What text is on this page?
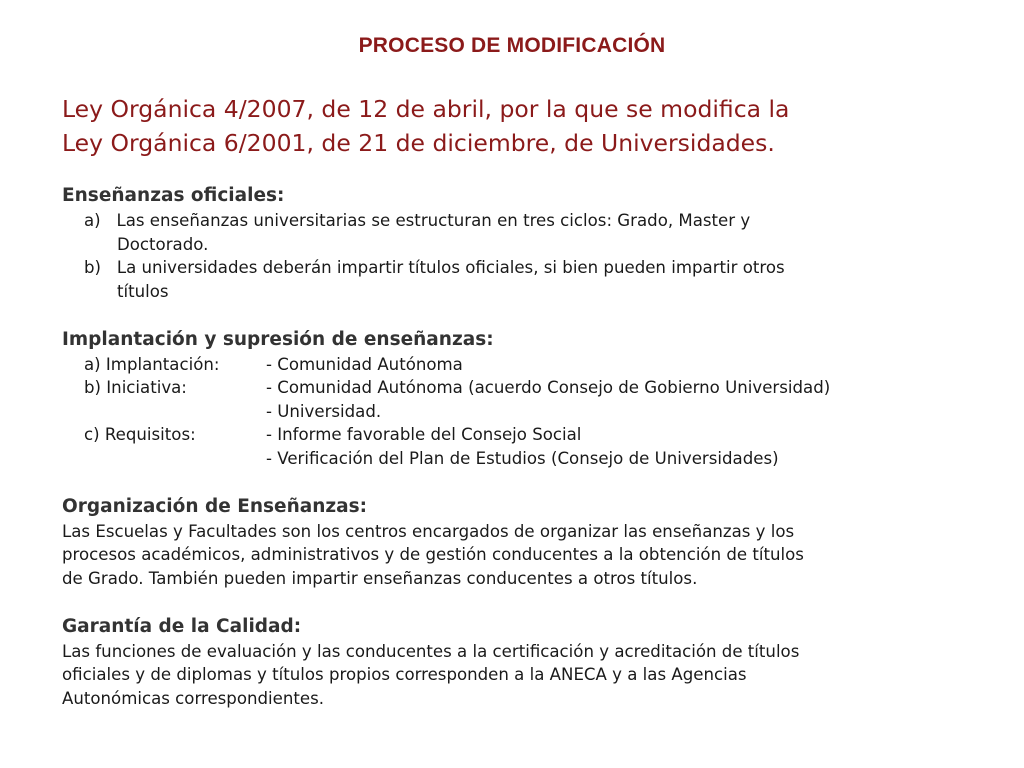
PROCESO DE MODIFICACIÓN
Ley Orgánica 4/2007, de 12 de abril, por la que se modifica la
Ley Orgánica 6/2001, de 21 de diciembre, de Universidades.
Enseñanzas oficiales:
a)   Las enseñanzas universitarias se estructuran en tres ciclos: Grado, Master y
Doctorado.
b)   La universidades deberán impartir títulos oficiales, si bien pueden impartir otros
títulos
Implantación y supresión de enseñanzas:
a) Implantación:	- Comunidad Autónoma
b) Iniciativa:	- Comunidad Autónoma (acuerdo Consejo de Gobierno Universidad)
- Universidad.
c) Requisitos:	- Informe favorable del Consejo Social
- Verificación del Plan de Estudios (Consejo de Universidades)
Organización de Enseñanzas:
Las Escuelas y Facultades son los centros encargados de organizar las enseñanzas y los
procesos académicos, administrativos y de gestión conducentes a la obtención de títulos
de Grado. También pueden impartir enseñanzas conducentes a otros títulos.
Garantía de la Calidad:
Las funciones de evaluación y las conducentes a la certificación y acreditación de títulos
oficiales y de diplomas y títulos propios corresponden a la ANECA y a las Agencias
Autonómicas correspondientes.
